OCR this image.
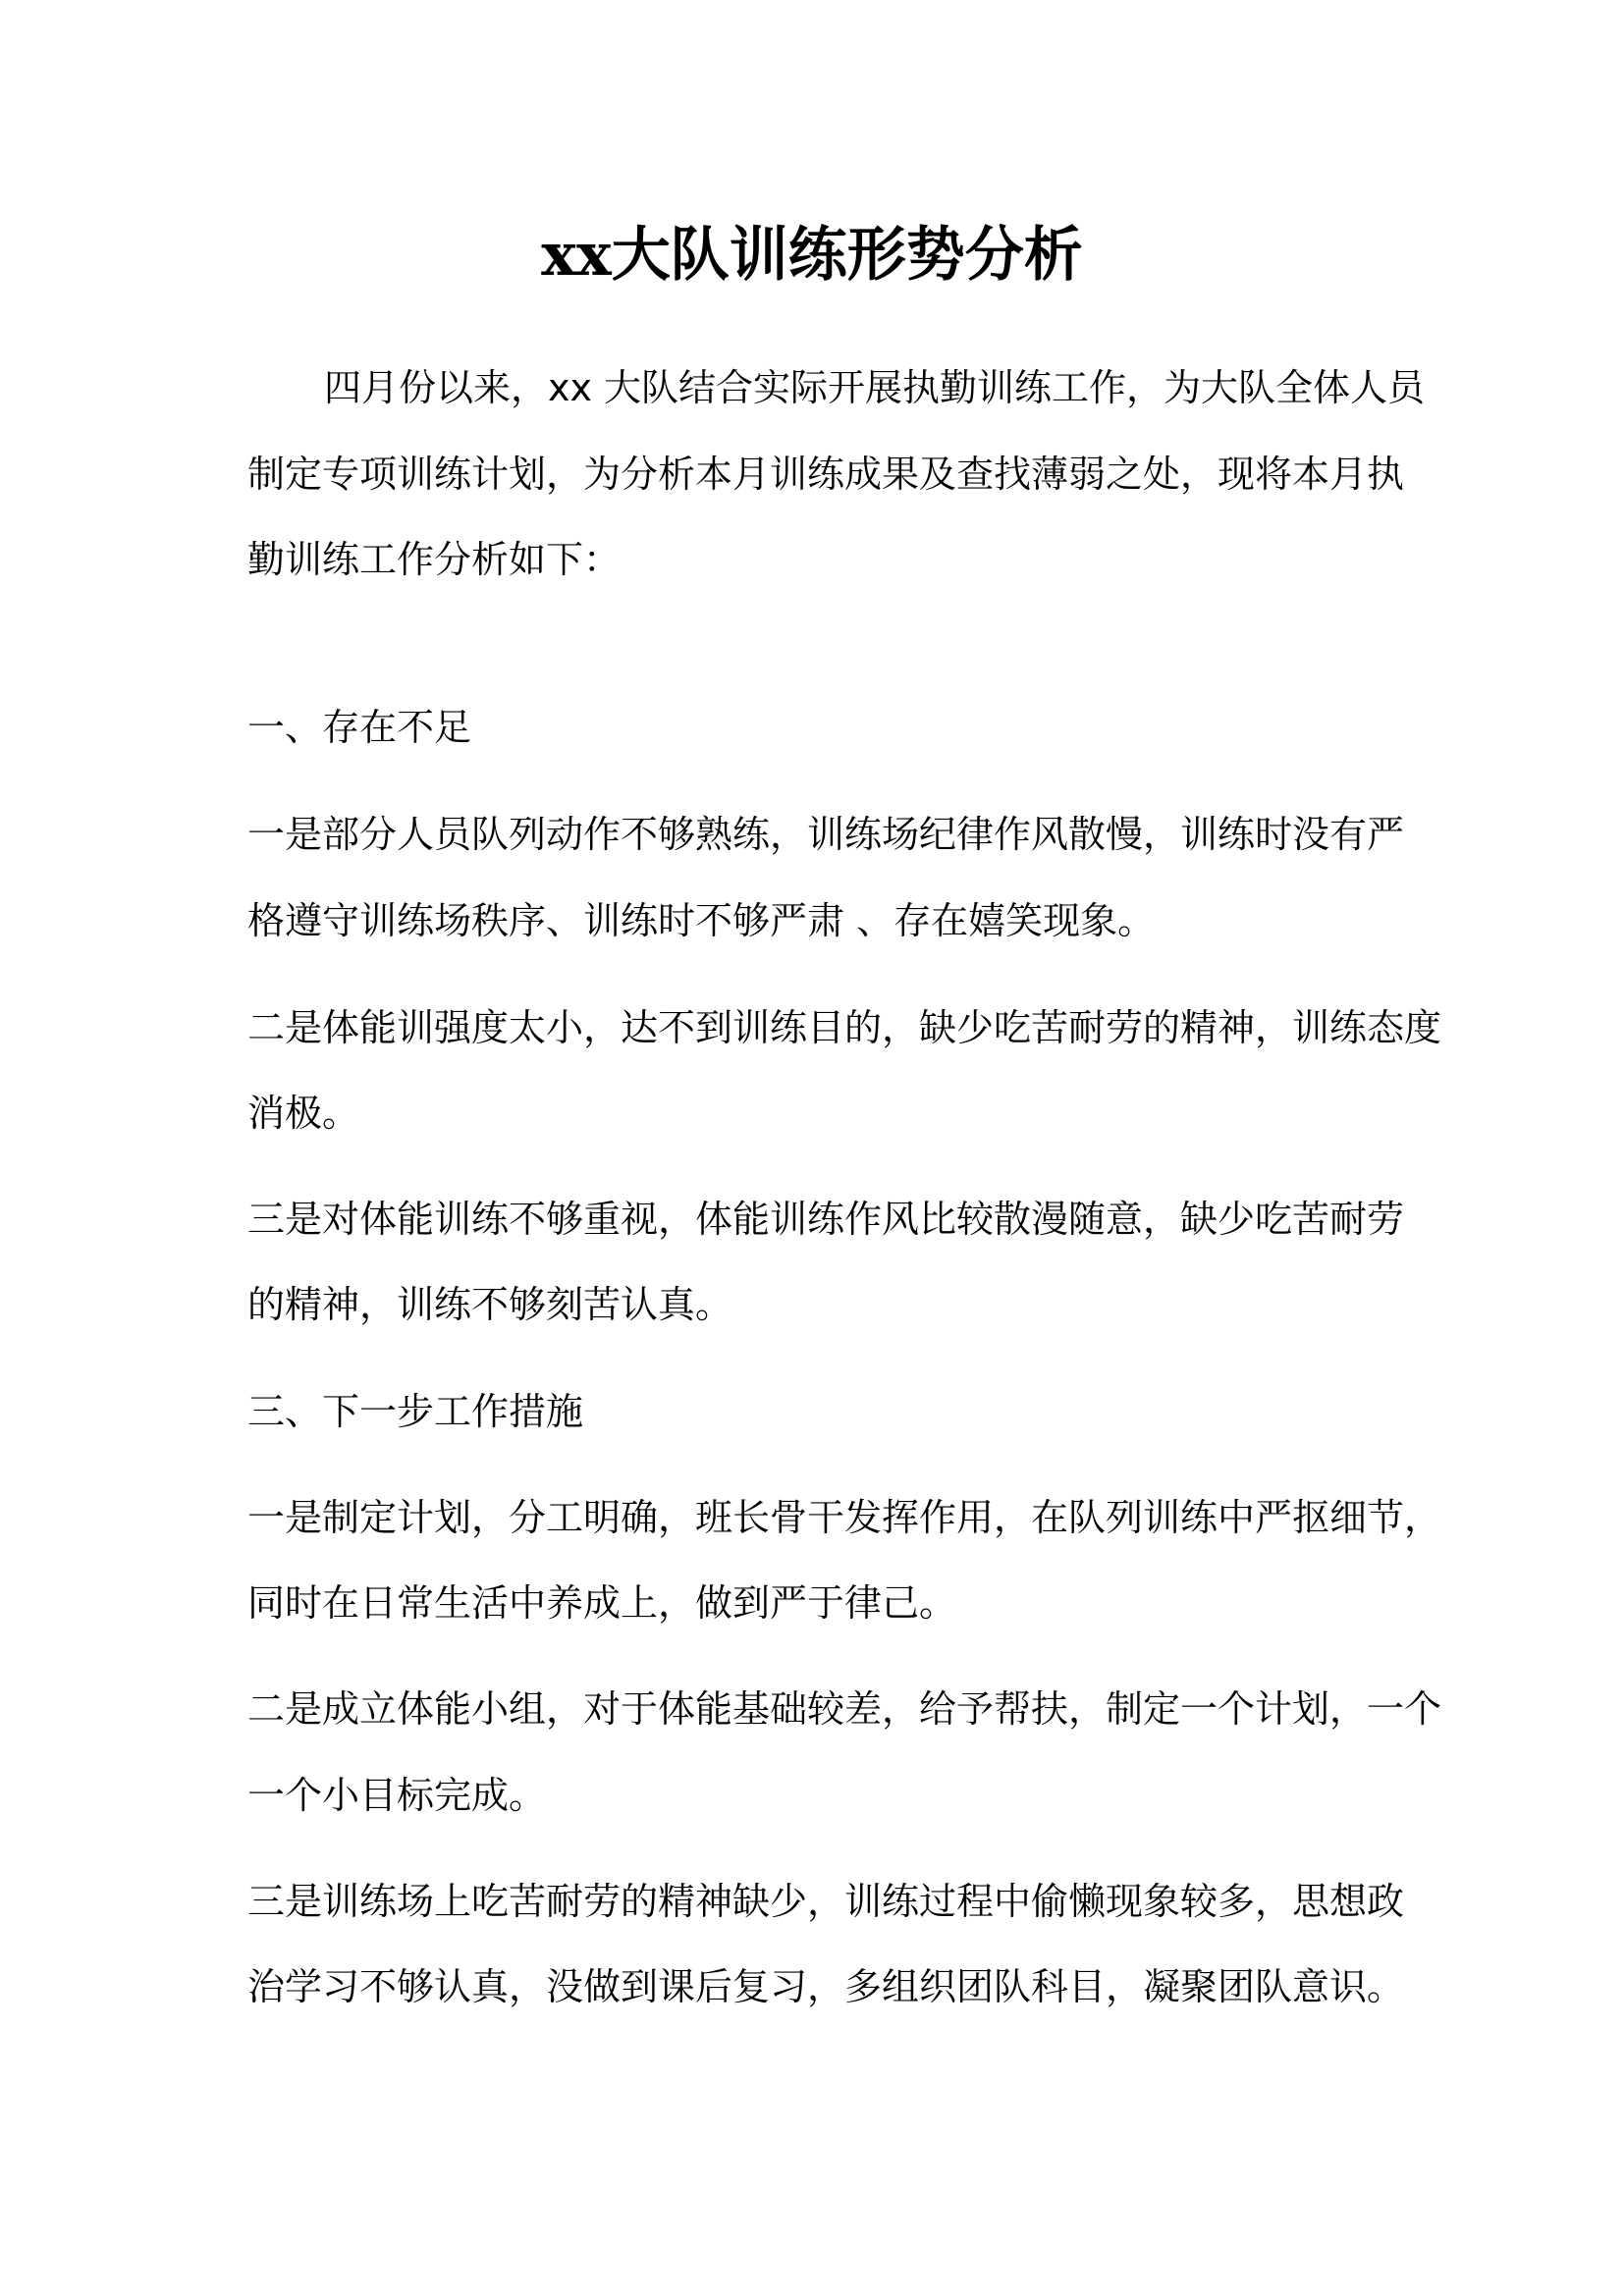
xx大队训练形势分析
四月份以来，xx 大队结合实际开展执勤训练工作，为大队全体人员
制定专项训练计划，为分析本月训练成果及查找薄弱之处，现将本月执
勤训练工作分析如下：
一、存在不足
一是部分人员队列动作不够熟练，训练场纪律作风散慢，训练时没有严
格遵守训练场秩序、训练时不够严肃 、存在嬉笑现象。
二是体能训强度太小，达不到训练目的，缺少吃苦耐劳的精神，训练态度
消极。
三是对体能训练不够重视，体能训练作风比较散漫随意，缺少吃苦耐劳
的精神，训练不够刻苦认真。
三、下一步工作措施
一是制定计划，分工明确，班长骨干发挥作用，在队列训练中严抠细节，
同时在日常生活中养成上，做到严于律己。
二是成立体能小组，对于体能基础较差，给予帮扶，制定一个计划，一个
一个小目标完成。
三是训练场上吃苦耐劳的精神缺少，训练过程中偷懒现象较多，思想政
治学习不够认真，没做到课后复习，多组织团队科目，凝聚团队意识。
